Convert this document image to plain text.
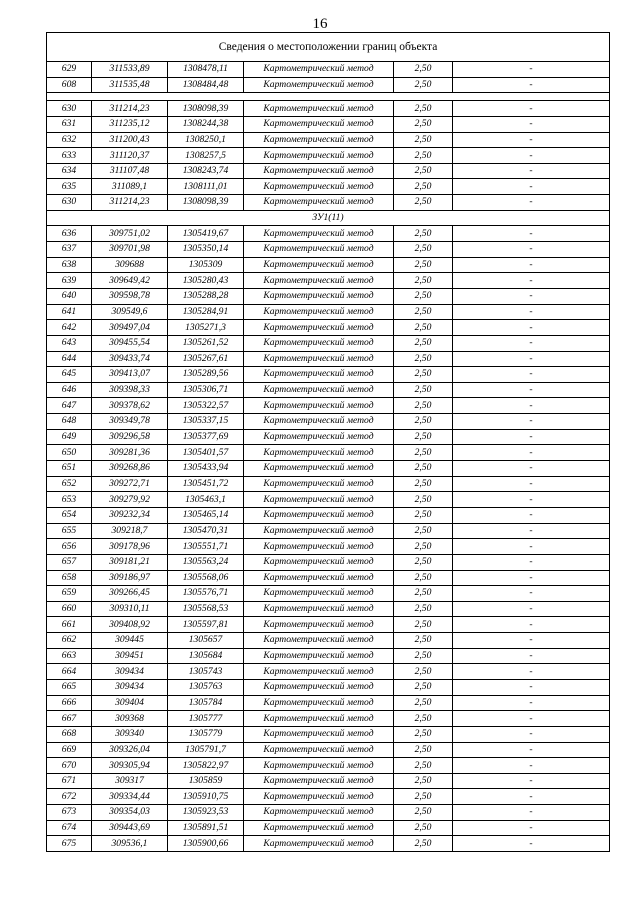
16
Сведения о местоположении границ объекта					
629	311533,89	1308478,11	Картометрический метод	2,50	-
608	311535,48	1308484,48	Картометрический метод	2,50	-

630	311214,23	1308098,39	Картометрический метод	2,50	-
631	311235,12	1308244,38	Картометрический метод	2,50	-
632	311200,43	1308250,1	Картометрический метод	2,50	-
633	311120,37	1308257,5	Картометрический метод	2,50	-
634	311107,48	1308243,74	Картометрический метод	2,50	-
635	311089,1	1308111,01	Картометрический метод	2,50	-
630	311214,23	1308098,39	Картометрический метод	2,50	-
ЗУ1(11)					
636	309751,02	1305419,67	Картометрический метод	2,50	-
637	309701,98	1305350,14	Картометрический метод	2,50	-
638	309688	1305309	Картометрический метод	2,50	-
639	309649,42	1305280,43	Картометрический метод	2,50	-
640	309598,78	1305288,28	Картометрический метод	2,50	-
641	309549,6	1305284,91	Картометрический метод	2,50	-
642	309497,04	1305271,3	Картометрический метод	2,50	-
643	309455,54	1305261,52	Картометрический метод	2,50	-
644	309433,74	1305267,61	Картометрический метод	2,50	-
645	309413,07	1305289,56	Картометрический метод	2,50	-
646	309398,33	1305306,71	Картометрический метод	2,50	-
647	309378,62	1305322,57	Картометрический метод	2,50	-
648	309349,78	1305337,15	Картометрический метод	2,50	-
649	309296,58	1305377,69	Картометрический метод	2,50	-
650	309281,36	1305401,57	Картометрический метод	2,50	-
651	309268,86	1305433,94	Картометрический метод	2,50	-
652	309272,71	1305451,72	Картометрический метод	2,50	-
653	309279,92	1305463,1	Картометрический метод	2,50	-
654	309232,34	1305465,14	Картометрический метод	2,50	-
655	309218,7	1305470,31	Картометрический метод	2,50	-
656	309178,96	1305551,71	Картометрический метод	2,50	-
657	309181,21	1305563,24	Картометрический метод	2,50	-
658	309186,97	1305568,06	Картометрический метод	2,50	-
659	309266,45	1305576,71	Картометрический метод	2,50	-
660	309310,11	1305568,53	Картометрический метод	2,50	-
661	309408,92	1305597,81	Картометрический метод	2,50	-
662	309445	1305657	Картометрический метод	2,50	-
663	309451	1305684	Картометрический метод	2,50	-
664	309434	1305743	Картометрический метод	2,50	-
665	309434	1305763	Картометрический метод	2,50	-
666	309404	1305784	Картометрический метод	2,50	-
667	309368	1305777	Картометрический метод	2,50	-
668	309340	1305779	Картометрический метод	2,50	-
669	309326,04	1305791,7	Картометрический метод	2,50	-
670	309305,94	1305822,97	Картометрический метод	2,50	-
671	309317	1305859	Картометрический метод	2,50	-
672	309334,44	1305910,75	Картометрический метод	2,50	-
673	309354,03	1305923,53	Картометрический метод	2,50	-
674	309443,69	1305891,51	Картометрический метод	2,50	-
675	309536,1	1305900,66	Картометрический метод	2,50	-
